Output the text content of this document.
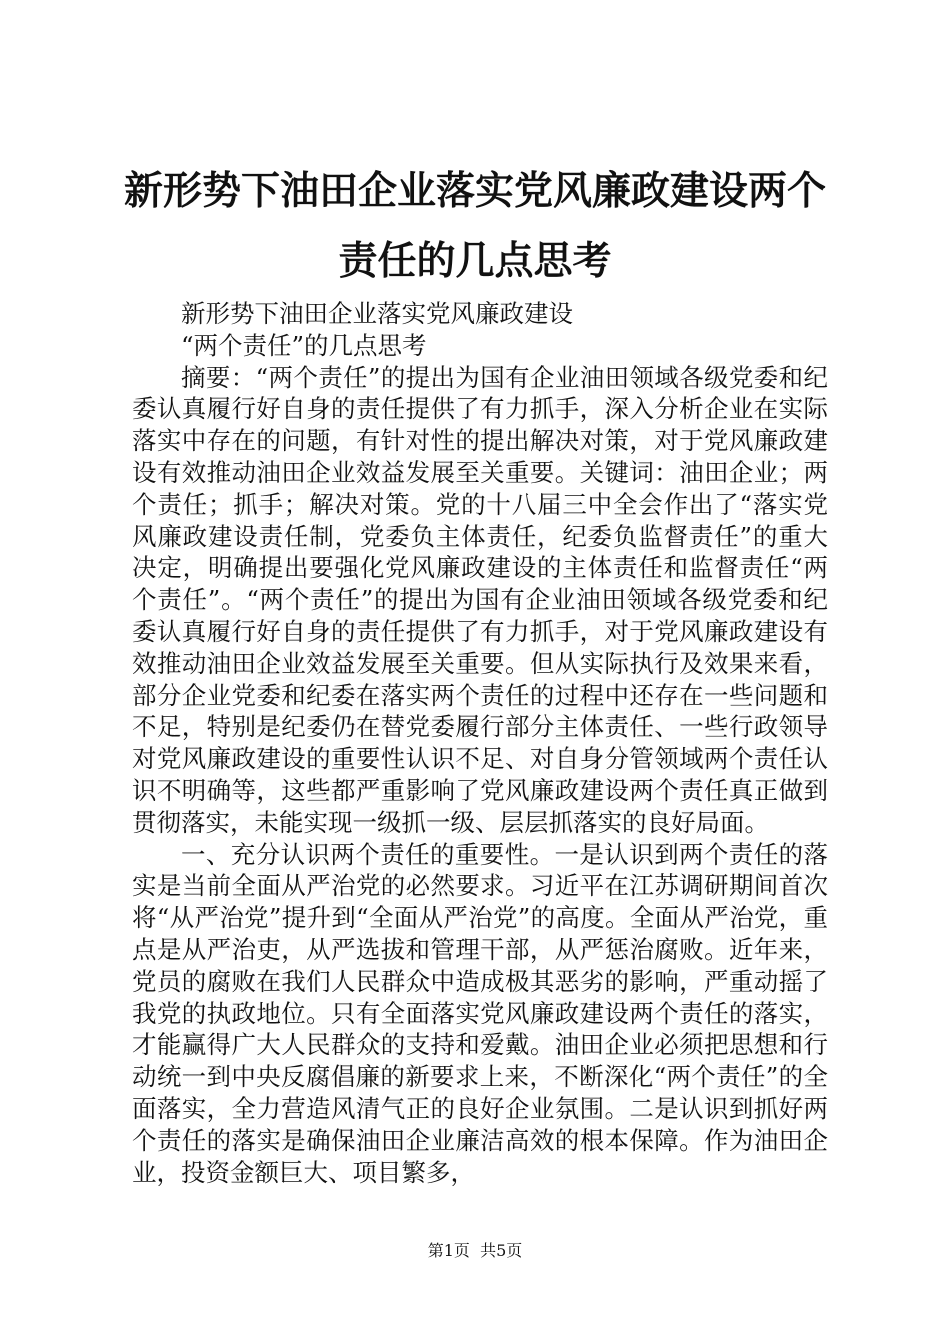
新形势下油田企业落实党风廉政建设两个责任的几点思考

新形势下油田企业落实党风廉政建设

“两个责任”的几点思考

摘要：“两个责任”的提出为国有企业油田领域各级党委和纪委认真履行好自身的责任提供了有力抓手，深入分析企业在实际落实中存在的问题，有针对性的提出解决对策，对于党风廉政建设有效推动油田企业效益发展至关重要。关键词：油田企业；两个责任；抓手；解决对策。党的十八届三中全会作出了“落实党风廉政建设责任制，党委负主体责任，纪委负监督责任”的重大决定，明确提出要强化党风廉政建设的主体责任和监督责任“两个责任”。“两个责任”的提出为国有企业油田领域各级党委和纪委认真履行好自身的责任提供了有力抓手，对于党风廉政建设有效推动油田企业效益发展至关重要。但从实际执行及效果来看，部分企业党委和纪委在落实两个责任的过程中还存在一些问题和不足，特别是纪委仍在替党委履行部分主体责任、一些行政领导对党风廉政建设的重要性认识不足、对自身分管领域两个责任认识不明确等，这些都严重影响了党风廉政建设两个责任真正做到贯彻落实，未能实现一级抓一级、层层抓落实的良好局面。

一、充分认识两个责任的重要性。一是认识到两个责任的落实是当前全面从严治党的必然要求。习近平在江苏调研期间首次将“从严治党”提升到“全面从严治党”的高度。全面从严治党，重点是从严治吏，从严选拔和管理干部，从严惩治腐败。近年来，党员的腐败在我们人民群众中造成极其恶劣的影响，严重动摇了我党的执政地位。只有全面落实党风廉政建设两个责任的落实，才能赢得广大人民群众的支持和爱戴。油田企业必须把思想和行动统一到中央反腐倡廉的新要求上来，不断深化“两个责任”的全面落实，全力营造风清气正的良好企业氛围。二是认识到抓好两个责任的落实是确保油田企业廉洁高效的根本保障。作为油田企业，投资金额巨大、项目繁多，

第1页 共5页
